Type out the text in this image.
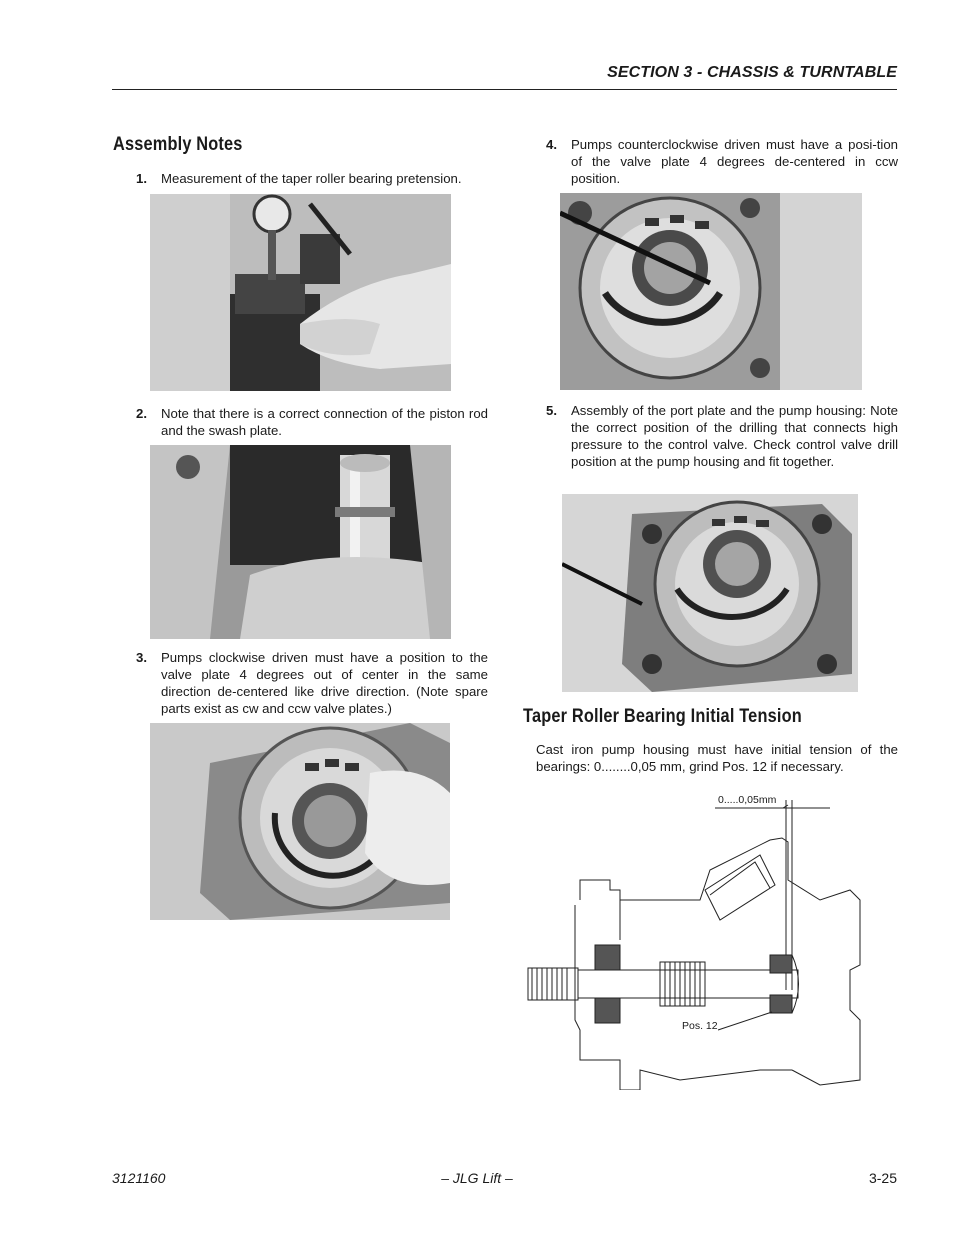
SECTION 3 - CHASSIS & TURNTABLE
Assembly Notes
1. Measurement of the taper roller bearing pretension.
2. Note that there is a correct connection of the piston rod and the swash plate.
3. Pumps clockwise driven must have a position to the valve plate 4 degrees out of center in the same direction de-centered like drive direction. (Note spare parts exist as cw and ccw valve plates.)
4. Pumps counterclockwise driven must have a posi-tion of the valve plate 4 degrees de-centered in ccw position.
5. Assembly of the port plate and the pump housing: Note the correct position of the drilling that connects high pressure to the control valve. Check control valve drill position at the pump housing and fit together.
Taper Roller Bearing Initial Tension
Cast iron pump housing must have initial tension of the bearings: 0........0,05 mm, grind Pos. 12 if necessary.
0.....0,05mm
Pos. 12
3121160	– JLG Lift –	3-25
